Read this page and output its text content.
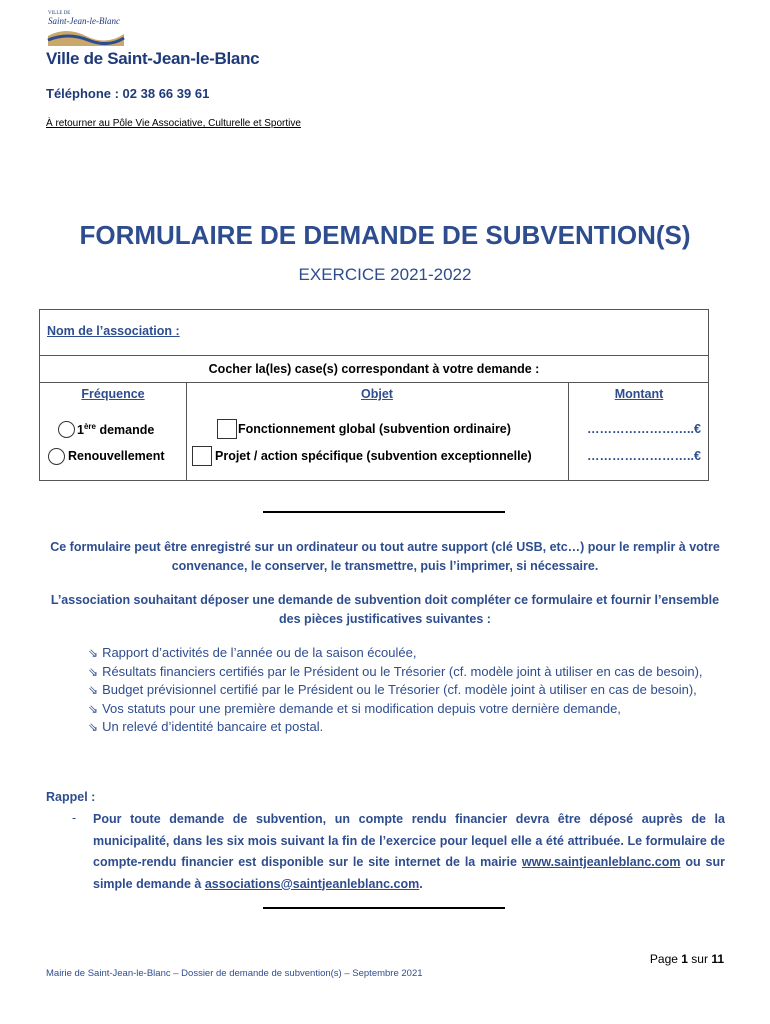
VILLE DE
Saint-Jean-le-Blanc
Ville de Saint-Jean-le-Blanc
Téléphone : 02 38 66 39 61
À retourner au Pôle Vie Associative, Culturelle et Sportive
FORMULAIRE DE DEMANDE DE SUBVENTION(S)
EXERCICE 2021-2022
Nom de l’association :
Cocher la(les) case(s) correspondant à votre demande :
Fréquence	Objet	Montant
1ère demande
Renouvellement
Fonctionnement global (subvention ordinaire)
Projet / action spécifique (subvention exceptionnelle)
……………………..€
……………………..€
Ce formulaire peut être enregistré sur un ordinateur ou tout autre support (clé USB, etc…) pour le remplir à votre convenance, le conserver, le transmettre, puis l’imprimer, si nécessaire.
L’association souhaitant déposer une demande de subvention doit compléter ce formulaire et fournir l’ensemble des pièces justificatives suivantes :
⇘ Rapport d’activités de l’année ou de la saison écoulée,
⇘ Résultats financiers certifiés par le Président ou le Trésorier (cf. modèle joint à utiliser en cas de besoin),
⇘ Budget prévisionnel certifié par le Président ou le Trésorier (cf. modèle joint à utiliser en cas de besoin),
⇘ Vos statuts pour une première demande et si modification depuis votre dernière demande,
⇘ Un relevé d’identité bancaire et postal.
Rappel :
- Pour toute demande de subvention, un compte rendu financier devra être déposé auprès de la municipalité, dans les six mois suivant la fin de l’exercice pour lequel elle a été attribuée. Le formulaire de compte-rendu financier est disponible sur le site internet de la mairie www.saintjeanleblanc.com ou sur simple demande à associations@saintjeanleblanc.com.
Page 1 sur 11
Mairie de Saint-Jean-le-Blanc – Dossier de demande de subvention(s) – Septembre 2021
